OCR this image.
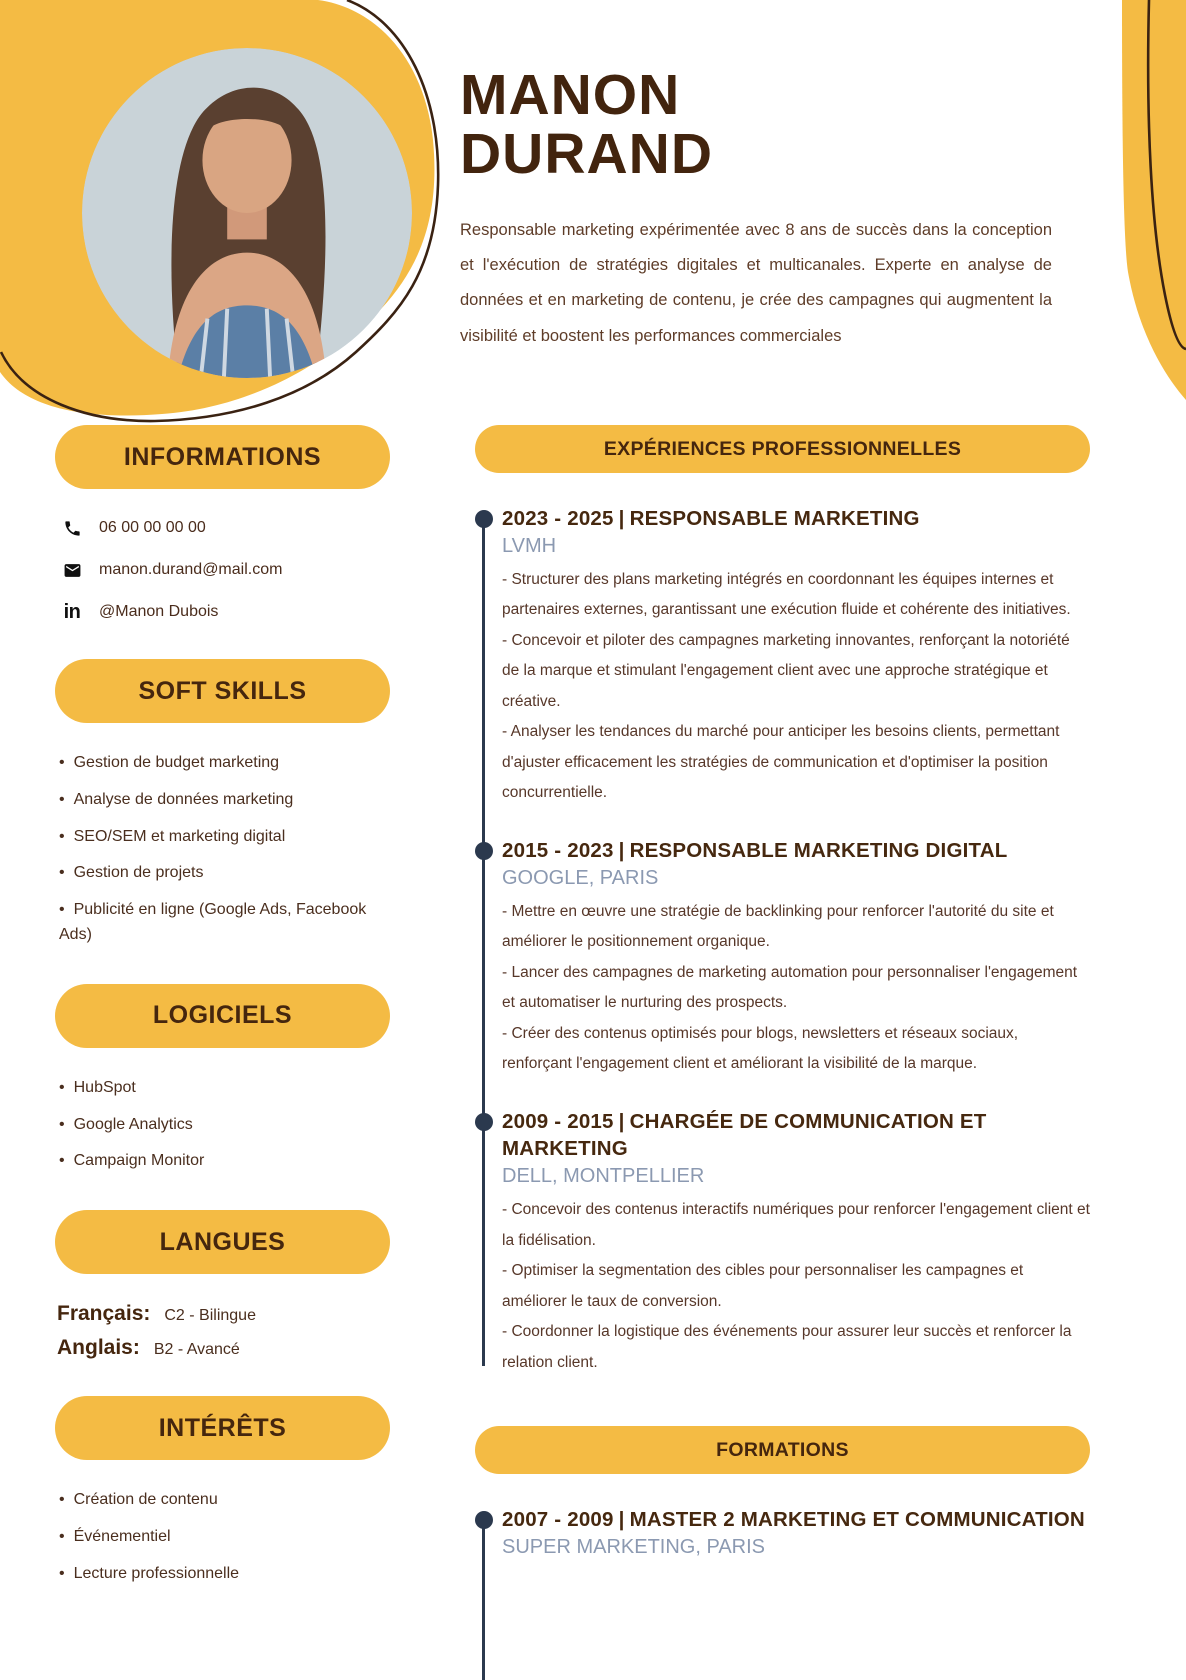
MANON
DURAND

Responsable marketing expérimentée avec 8 ans de succès dans la conception et l'exécution de stratégies digitales et multicanales. Experte en analyse de données et en marketing de contenu, je crée des campagnes qui augmentent la visibilité et boostent les performances commerciales

INFORMATIONS
06 00 00 00 00
manon.durand@mail.com
in @Manon Dubois
SOFT SKILLS
• Gestion de budget marketing
• Analyse de données marketing
• SEO/SEM et marketing digital
• Gestion de projets
• Publicité en ligne (Google Ads, Facebook Ads)
LOGICIELS
• HubSpot
• Google Analytics
• Campaign Monitor
LANGUES
Français: C2 - Bilingue
Anglais: B2 - Avancé
INTÉRÊTS
• Création de contenu
• Événementiel
• Lecture professionnelle
EXPÉRIENCES PROFESSIONNELLES
2023 - 2025 | RESPONSABLE MARKETING
LVMH

- Structurer des plans marketing intégrés en coordonnant les équipes internes et partenaires externes, garantissant une exécution fluide et cohérente des initiatives.

- Concevoir et piloter des campagnes marketing innovantes, renforçant la notoriété de la marque et stimulant l'engagement client avec une approche stratégique et créative.

- Analyser les tendances du marché pour anticiper les besoins clients, permettant d'ajuster efficacement les stratégies de communication et d'optimiser la position concurrentielle.

2015 - 2023 | RESPONSABLE MARKETING DIGITAL
GOOGLE, PARIS

- Mettre en œuvre une stratégie de backlinking pour renforcer l'autorité du site et améliorer le positionnement organique.

- Lancer des campagnes de marketing automation pour personnaliser l'engagement et automatiser le nurturing des prospects.

- Créer des contenus optimisés pour blogs, newsletters et réseaux sociaux, renforçant l'engagement client et améliorant la visibilité de la marque.

2009 - 2015 | CHARGÉE DE COMMUNICATION ET MARKETING
DELL, MONTPELLIER

- Concevoir des contenus interactifs numériques pour renforcer l'engagement client et la fidélisation.

- Optimiser la segmentation des cibles pour personnaliser les campagnes et améliorer le taux de conversion.

- Coordonner la logistique des événements pour assurer leur succès et renforcer la relation client.

FORMATIONS
2007 - 2009 | MASTER 2 MARKETING ET COMMUNICATION
SUPER MARKETING, PARIS
